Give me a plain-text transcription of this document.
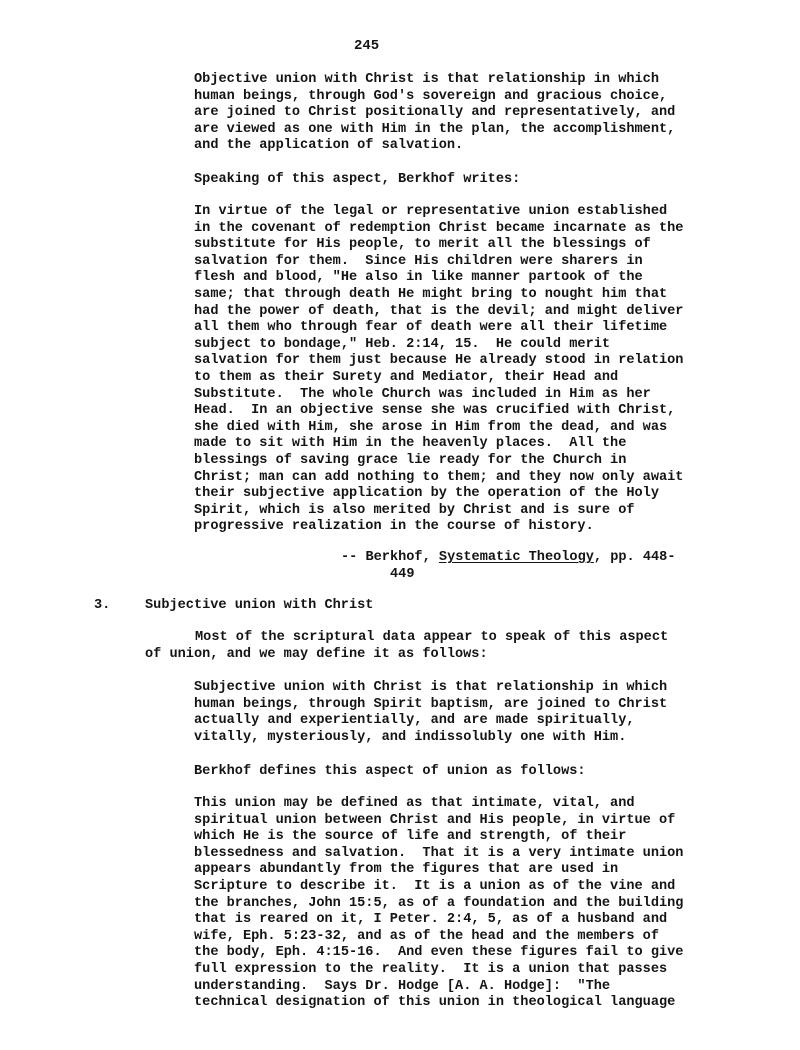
245
Objective union with Christ is that relationship in which
human beings, through God's sovereign and gracious choice,
are joined to Christ positionally and representatively, and
are viewed as one with Him in the plan, the accomplishment,
and the application of salvation.
Speaking of this aspect, Berkhof writes:
In virtue of the legal or representative union established
in the covenant of redemption Christ became incarnate as the
substitute for His people, to merit all the blessings of
salvation for them.  Since His children were sharers in
flesh and blood, "He also in like manner partook of the
same; that through death He might bring to nought him that
had the power of death, that is the devil; and might deliver
all them who through fear of death were all their lifetime
subject to bondage," Heb. 2:14, 15.  He could merit
salvation for them just because He already stood in relation
to them as their Surety and Mediator, their Head and
Substitute.  The whole Church was included in Him as her
Head.  In an objective sense she was crucified with Christ,
she died with Him, she arose in Him from the dead, and was
made to sit with Him in the heavenly places.  All the
blessings of saving grace lie ready for the Church in
Christ; man can add nothing to them; and they now only await
their subjective application by the operation of the Holy
Spirit, which is also merited by Christ and is sure of
progressive realization in the course of history.
-- Berkhof, Systematic Theology, pp. 448-
449
3.	Subjective union with Christ
Most of the scriptural data appear to speak of this aspect
of union, and we may define it as follows:
Subjective union with Christ is that relationship in which
human beings, through Spirit baptism, are joined to Christ
actually and experientially, and are made spiritually,
vitally, mysteriously, and indissolubly one with Him.
Berkhof defines this aspect of union as follows:
This union may be defined as that intimate, vital, and
spiritual union between Christ and His people, in virtue of
which He is the source of life and strength, of their
blessedness and salvation.  That it is a very intimate union
appears abundantly from the figures that are used in
Scripture to describe it.  It is a union as of the vine and
the branches, John 15:5, as of a foundation and the building
that is reared on it, I Peter. 2:4, 5, as of a husband and
wife, Eph. 5:23-32, and as of the head and the members of
the body, Eph. 4:15-16.  And even these figures fail to give
full expression to the reality.  It is a union that passes
understanding.  Says Dr. Hodge [A. A. Hodge]:  "The
technical designation of this union in theological language
